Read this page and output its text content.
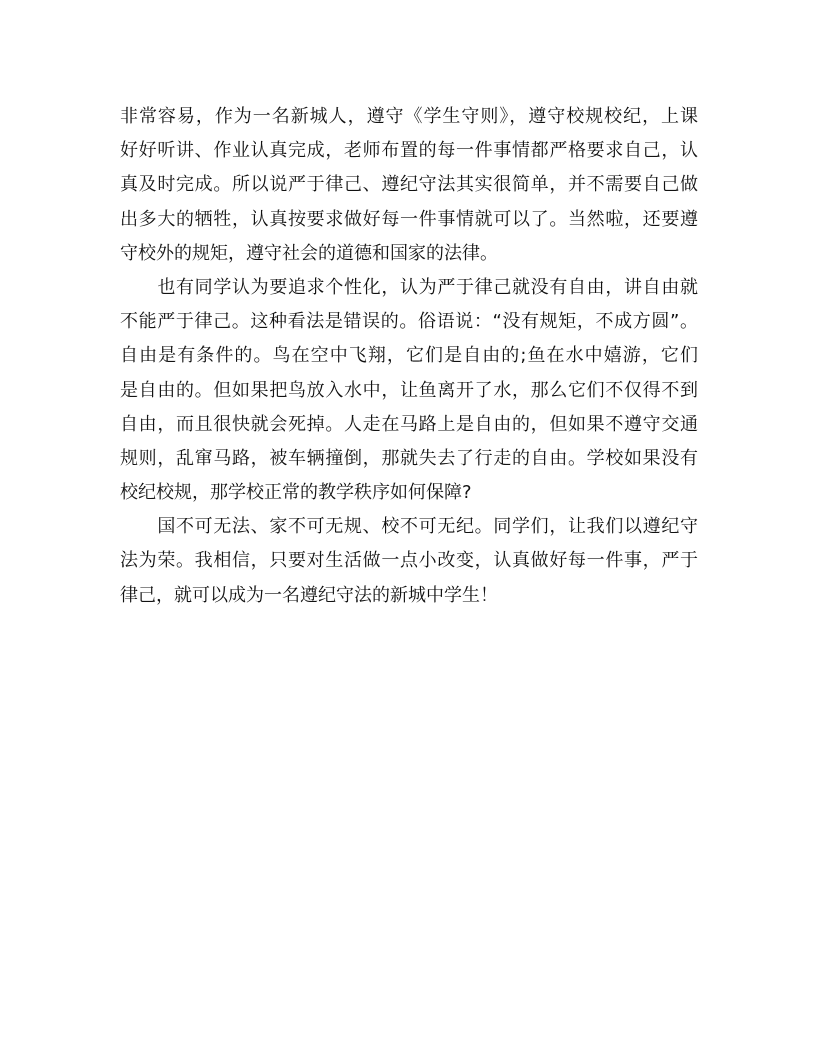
非常容易，作为一名新城人，遵守《学生守则》，遵守校规校纪，上课
好好听讲、作业认真完成，老师布置的每一件事情都严格要求自己，认
真及时完成。所以说严于律己、遵纪守法其实很简单，并不需要自己做
出多大的牺牲，认真按要求做好每一件事情就可以了。当然啦，还要遵
守校外的规矩，遵守社会的道德和国家的法律。
　　也有同学认为要追求个性化，认为严于律己就没有自由，讲自由就
不能严于律己。这种看法是错误的。俗语说：“没有规矩，不成方圆”。
自由是有条件的。鸟在空中飞翔，它们是自由的;鱼在水中嬉游，它们
是自由的。但如果把鸟放入水中，让鱼离开了水，那么它们不仅得不到
自由，而且很快就会死掉。人走在马路上是自由的，但如果不遵守交通
规则，乱窜马路，被车辆撞倒，那就失去了行走的自由。学校如果没有
校纪校规，那学校正常的教学秩序如何保障?
　　国不可无法、家不可无规、校不可无纪。同学们，让我们以遵纪守
法为荣。我相信，只要对生活做一点小改变，认真做好每一件事，严于
律己，就可以成为一名遵纪守法的新城中学生！
